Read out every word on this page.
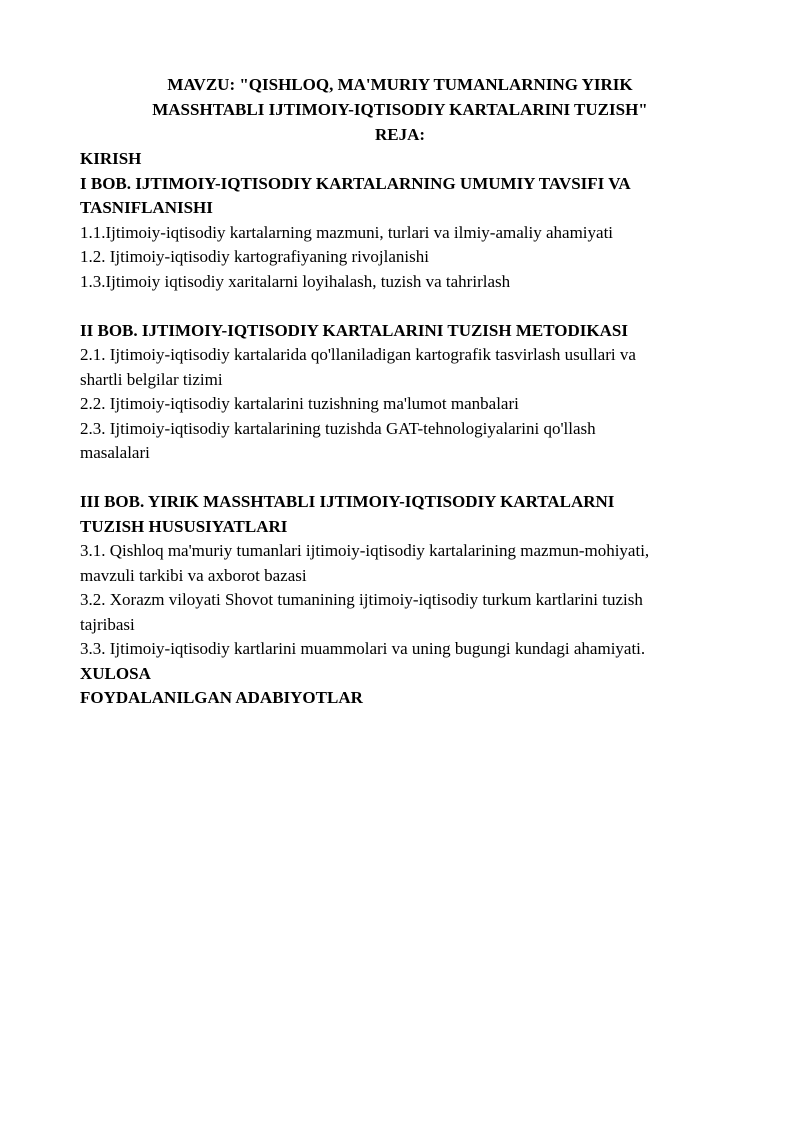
MAVZU: "QISHLOQ, MA'MURIY TUMANLARNING YIRIK
MASSHTABLI IJTIMOIY-IQTISODIY KARTALARINI TUZISH"
REJA:

KIRISH

I BOB. IJTIMOIY-IQTISODIY KARTALARNING UMUMIY TAVSIFI VA

TASNIFLANISHI

1.1.Ijtimoiy-iqtisodiy kartalarning mazmuni, turlari va ilmiy-amaliy ahamiyati

1.2. Ijtimoiy-iqtisodiy kartografiyaning rivojlanishi

1.3.Ijtimoiy iqtisodiy xaritalarni loyihalash, tuzish va tahrirlash

II BOB. IJTIMOIY-IQTISODIY KARTALARINI TUZISH METODIKASI

2.1. Ijtimoiy-iqtisodiy kartalarida qo'llaniladigan kartografik tasvirlash usullari va

shartli belgilar tizimi

2.2. Ijtimoiy-iqtisodiy kartalarini tuzishning ma'lumot manbalari

2.3. Ijtimoiy-iqtisodiy kartalarining tuzishda GAT-tehnologiyalarini qo'llash

masalalari

III BOB. YIRIK MASSHTABLI IJTIMOIY-IQTISODIY KARTALARNI

TUZISH HUSUSIYATLARI

3.1. Qishloq ma'muriy tumanlari ijtimoiy-iqtisodiy kartalarining mazmun-mohiyati,

mavzuli tarkibi va axborot bazasi

3.2. Xorazm viloyati Shovot tumanining ijtimoiy-iqtisodiy turkum kartlarini tuzish

tajribasi

3.3. Ijtimoiy-iqtisodiy kartlarini muammolari va uning bugungi kundagi ahamiyati.

XULOSA

FOYDALANILGAN ADABIYOTLAR
